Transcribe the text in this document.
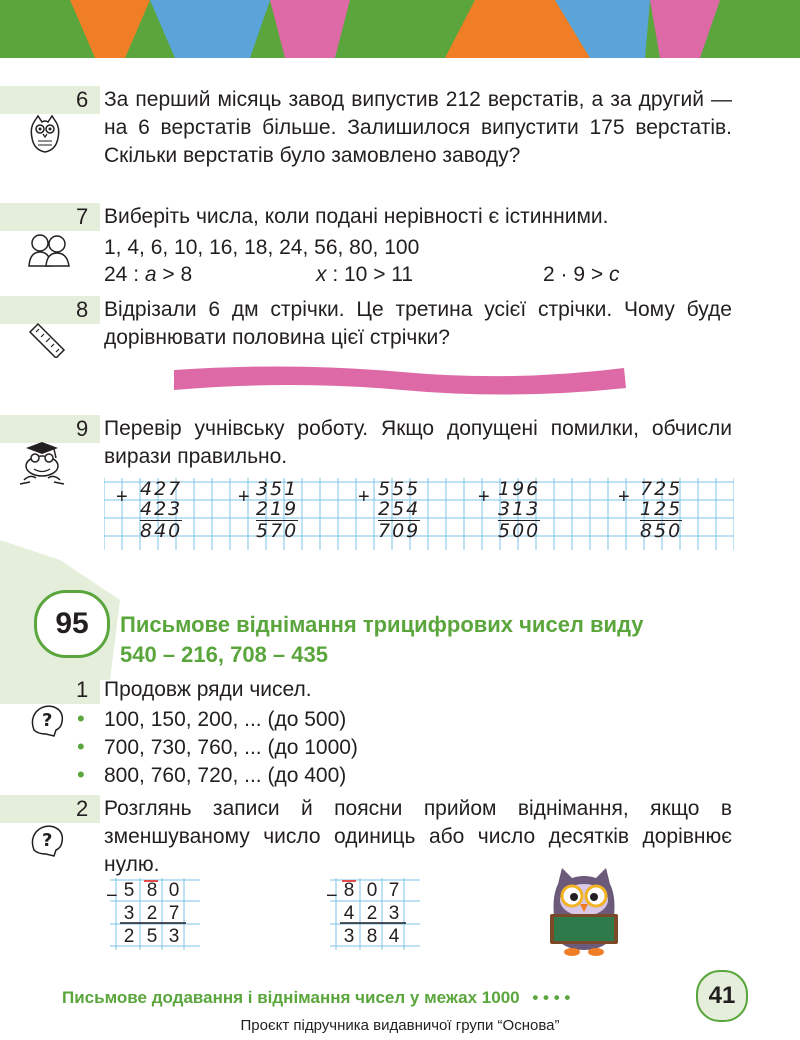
6 За перший місяць завод випустив 212 верстатів, а за другий — на 6 верстатів більше. Залишилося випустити 175 верстатів. Скільки верстатів було замовлено заводу?
7 Виберіть числа, коли подані нерівності є істинними.
1, 4, 6, 10, 16, 18, 24, 56, 80, 100
24 : a > 8	x : 10 > 11	2 · 9 > c
8 Відрізали 6 дм стрічки. Це третина усієї стрічки. Чому буде дорівнювати половина цієї стрічки?
9 Перевір учнівську роботу. Якщо допущені помилки, обчисли вирази правильно.
427
+
423
840
351
+
219
570
555
+
254
709
196
+
313
500
725
+
125
850
95	Письмове віднімання трицифрових чисел виду
540 – 216, 708 – 435
1 Продовж ряди чисел.
? • 100, 150, 200, ... (до 500)
• 700, 730, 760, ... (до 1000)
• 800, 760, 720, ... (до 400)
2 Розглянь записи й поясни прийом віднімання, якщо в зменшуваному число одиниць або число десятків дорівнює нулю.
?
− 5 8 0
3 2 7
2 5 3
− 8 0 7
4 2 3
3 8 4
Письмове додавання і віднімання чисел у межах 1000 • • • •	41
Проєкт підручника видавничої групи “Основа”
